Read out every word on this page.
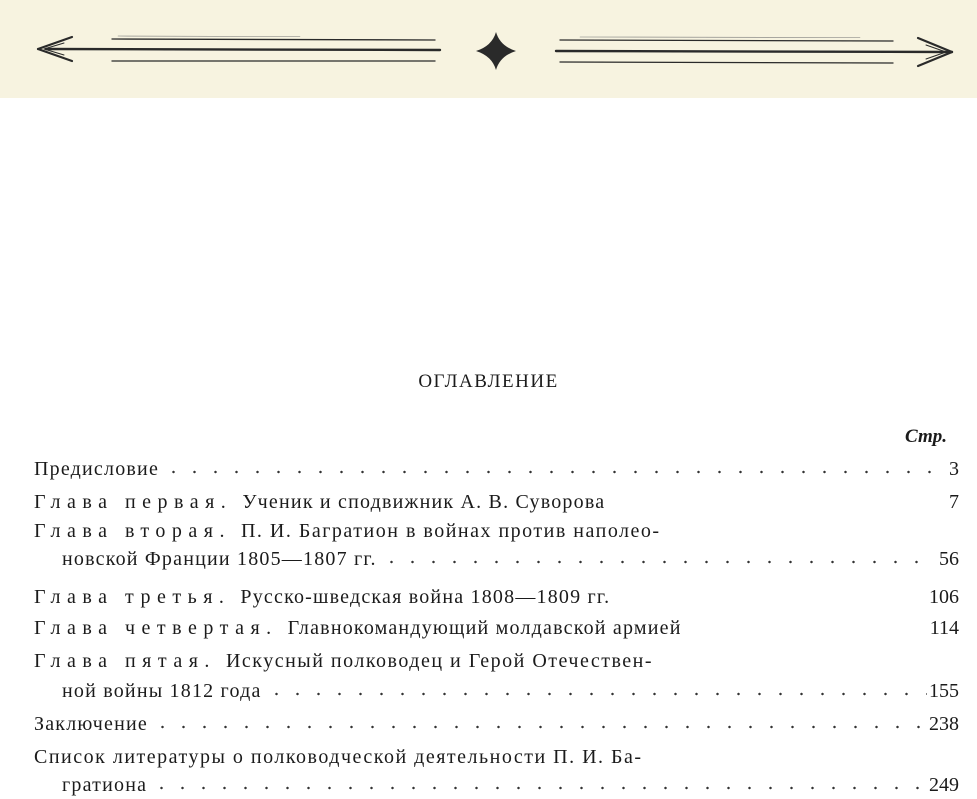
ОГЛАВЛЕНИЕ
Стр.
Предисловие	3
Глава первая. Ученик и сподвижник А. В. Суворова	7
Глава вторая. П. И. Багратион в войнах против наполео-
новской Франции 1805—1807 гг.	56
Глава третья. Русско-шведская война 1808—1809 гг.	106
Глава четвертая. Главнокомандующий молдавской армией	114
Глава пятая. Искусный полководец и Герой Отечествен-
ной войны 1812 года	155
Заключение	238
Список литературы о полководческой деятельности П. И. Ба-
гратиона	249
